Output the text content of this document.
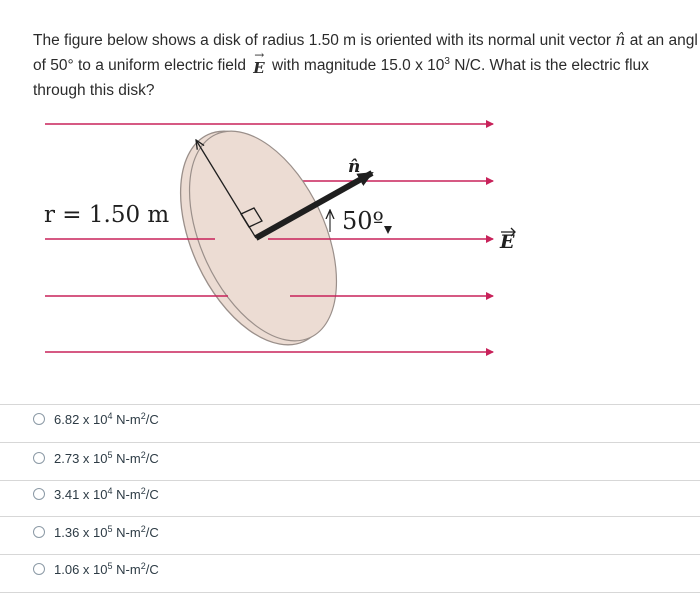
The figure below shows a disk of radius 1.50 m is oriented with its normal unit vector n̂ at an angl
of 50° to a uniform electric field → E with magnitude 15.0 x $10^3$ N/C. What is the electric flux
through this disk?
r = 1.50 m
n̂
50º
E
6.82 x $10^4$ $N-m^2/C$
2.73 x $10^5$ $N-m^2/C$
3.41 x $10^4$ $N-m^2/C$
1.36 x $10^5$ $N-m^2/C$
1.06 x $10^5$ $N-m^2/C$
